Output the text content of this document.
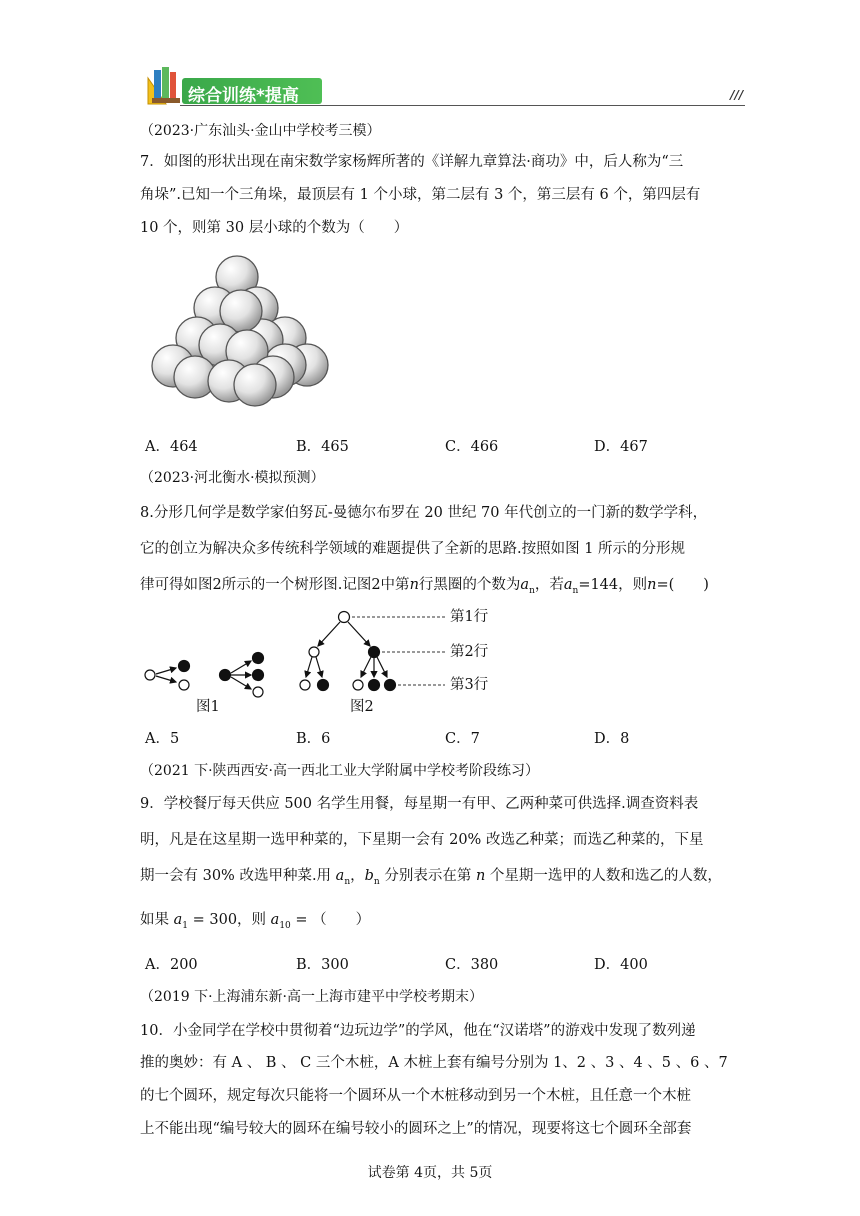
综合训练*提高	///
（2023·广东汕头·金山中学校考三模）
7．如图的形状出现在南宋数学家杨辉所著的《详解九章算法·商功》中，后人称为“三
角垛”.已知一个三角垛，最顶层有 1 个小球，第二层有 3 个，第三层有 6 个，第四层有
10 个，则第 30 层小球的个数为（　　）
A．464	B．465	C．466	D．467
（2023·河北衡水·模拟预测）
8.分形几何学是数学家伯努瓦-曼德尔布罗在 20 世纪 70 年代创立的一门新的数学学科，
它的创立为解决众多传统科学领域的难题提供了全新的思路.按照如图 1 所示的分形规
律可得如图2所示的一个树形图.记图2中第n行黑圈的个数为$a_n$，若$a_n=144$，则n=(　　)
第1行
第2行
第3行
图1	图2
A．5	B．6	C．7	D．8
（2021 下·陕西西安·高一西北工业大学附属中学校考阶段练习）
9．学校餐厅每天供应 500 名学生用餐，每星期一有甲、乙两种菜可供选择.调查资料表
明，凡是在这星期一选甲种菜的，下星期一会有 20% 改选乙种菜；而选乙种菜的，下星
期一会有 30% 改选甲种菜.用 $a_n$，$b_n$ 分别表示在第 n 个星期一选甲的人数和选乙的人数，
如果 $a_1 = 300$，则 $a_{10}$ = （　　）
A．200	B．300	C．380	D．400
（2019 下·上海浦东新·高一上海市建平中学校考期末）
10．小金同学在学校中贯彻着“边玩边学”的学风，他在“汉诺塔”的游戏中发现了数列递
推的奥妙：有 A 、 B 、 C 三个木桩，A 木桩上套有编号分别为 1、2 、3 、4 、5 、6 、7
的七个圆环，规定每次只能将一个圆环从一个木桩移动到另一个木桩，且任意一个木桩
上不能出现“编号较大的圆环在编号较小的圆环之上”的情况，现要将这七个圆环全部套
试卷第 4页，共 5页
